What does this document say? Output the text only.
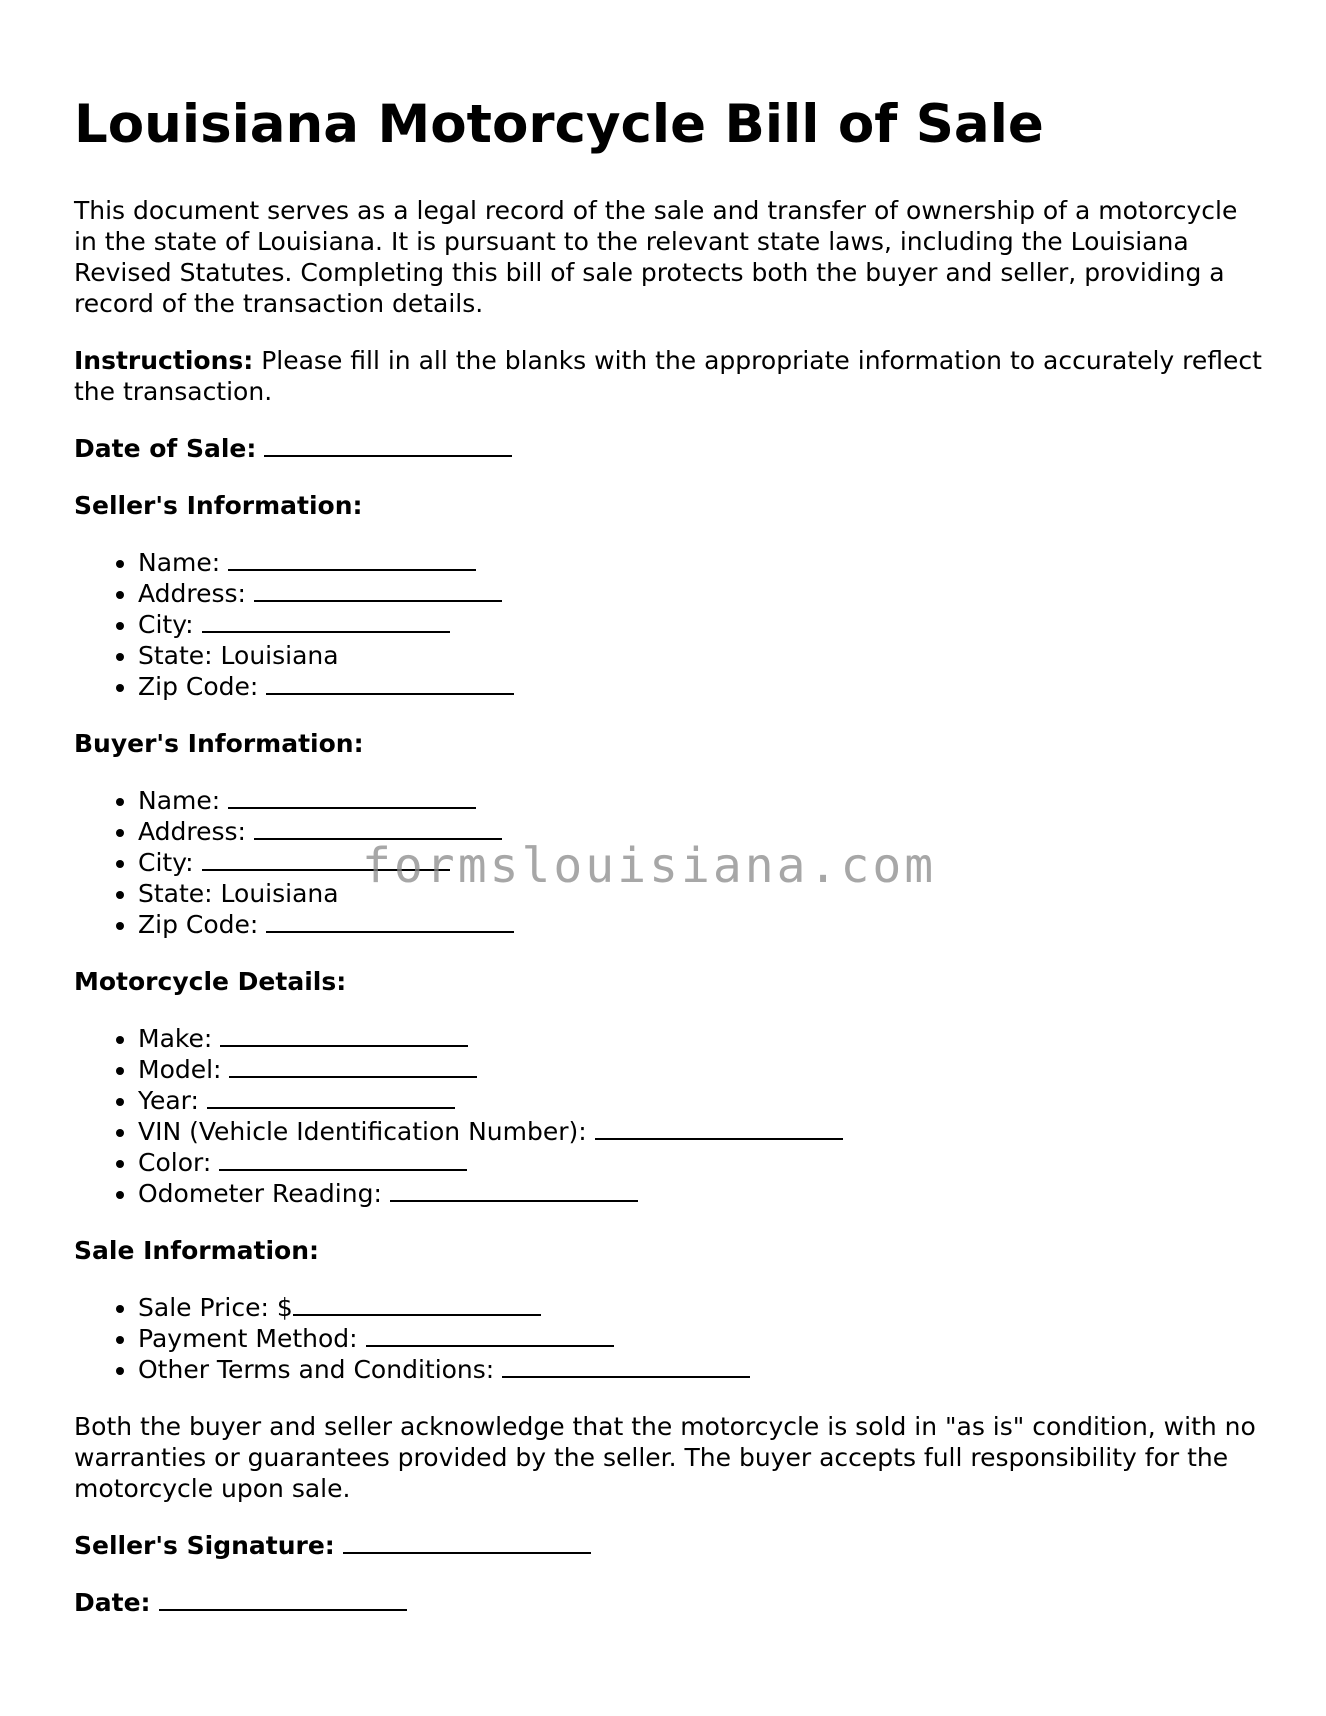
Louisiana Motorcycle Bill of Sale

This document serves as a legal record of the sale and transfer of ownership of a motorcycle in the state of Louisiana. It is pursuant to the relevant state laws, including the Louisiana Revised Statutes. Completing this bill of sale protects both the buyer and seller, providing a record of the transaction details.

Instructions: Please fill in all the blanks with the appropriate information to accurately reflect the transaction.

Date of Sale:

Seller's Information:

• Name:
• Address:
• City:
• State: Louisiana
• Zip Code:

Buyer's Information:

• Name:
• Address:
• City:
• State: Louisiana
• Zip Code:

Motorcycle Details:

• Make:
• Model:
• Year:
• VIN (Vehicle Identification Number):
• Color:
• Odometer Reading:

Sale Information:

• Sale Price: $
• Payment Method:
• Other Terms and Conditions:

Both the buyer and seller acknowledge that the motorcycle is sold in "as is" condition, with no warranties or guarantees provided by the seller. The buyer accepts full responsibility for the motorcycle upon sale.

Seller's Signature:

Date:

formslouisiana.com
